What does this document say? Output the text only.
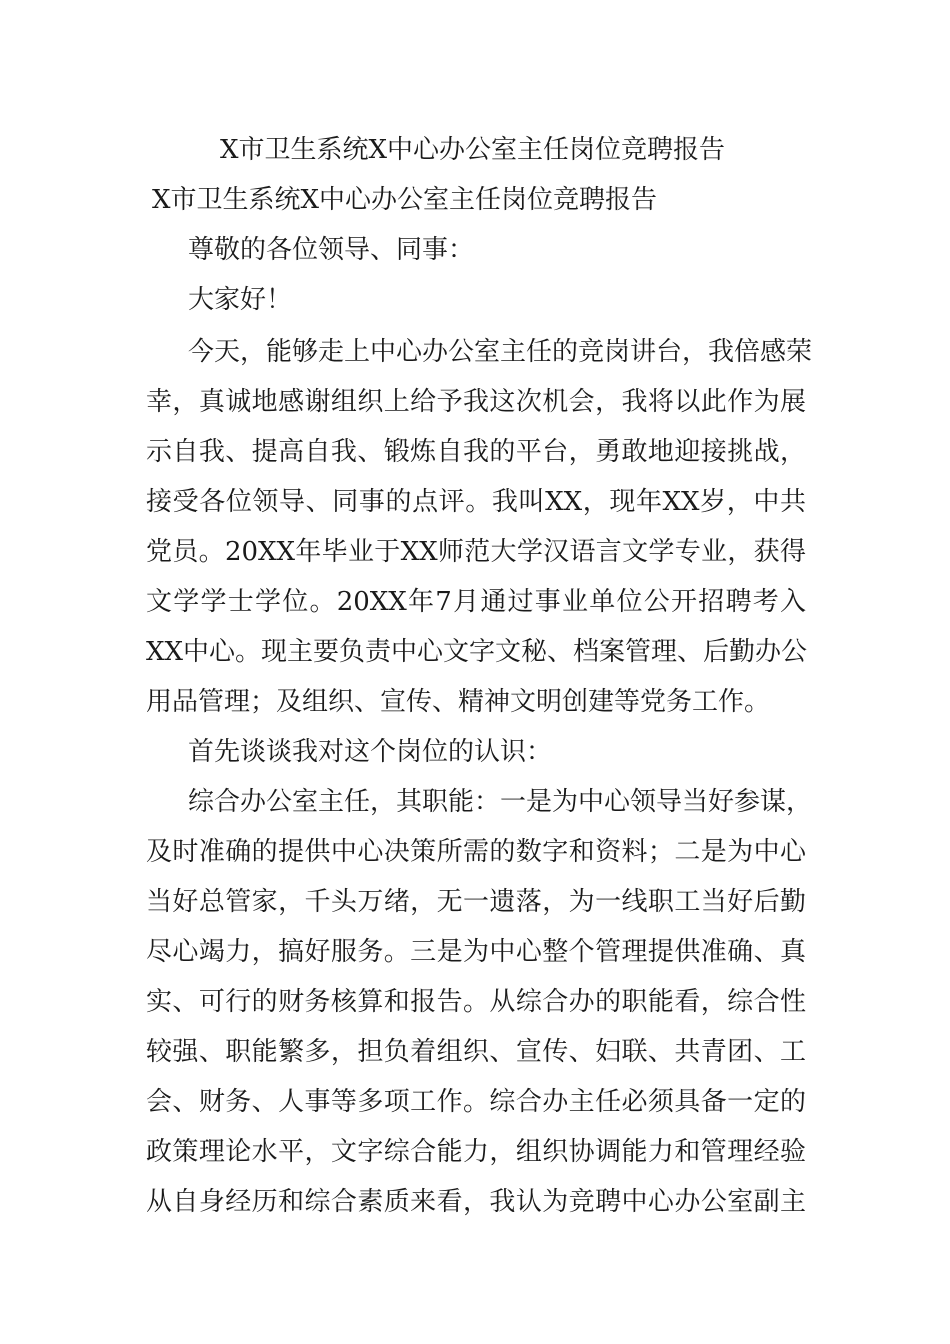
X市卫生系统X中心办公室主任岗位竞聘报告
X市卫生系统X中心办公室主任岗位竞聘报告
尊敬的各位领导、同事：
大家好！
今天，能够走上中心办公室主任的竞岗讲台，我倍感荣
幸，真诚地感谢组织上给予我这次机会，我将以此作为展
示自我、提高自我、锻炼自我的平台，勇敢地迎接挑战，
接受各位领导、同事的点评。我叫XX，现年XX岁，中共
党员。20XX年毕业于XX师范大学汉语言文学专业，获得
文学学士学位。20XX年7月通过事业单位公开招聘考入
XX中心。现主要负责中心文字文秘、档案管理、后勤办公
用品管理；及组织、宣传、精神文明创建等党务工作。
首先谈谈我对这个岗位的认识：
综合办公室主任，其职能：一是为中心领导当好参谋，
及时准确的提供中心决策所需的数字和资料；二是为中心
当好总管家，千头万绪，无一遗落，为一线职工当好后勤
尽心竭力，搞好服务。三是为中心整个管理提供准确、真
实、可行的财务核算和报告。从综合办的职能看，综合性
较强、职能繁多，担负着组织、宣传、妇联、共青团、工
会、财务、人事等多项工作。综合办主任必须具备一定的
政策理论水平，文字综合能力，组织协调能力和管理经验
从自身经历和综合素质来看，我认为竞聘中心办公室副主
